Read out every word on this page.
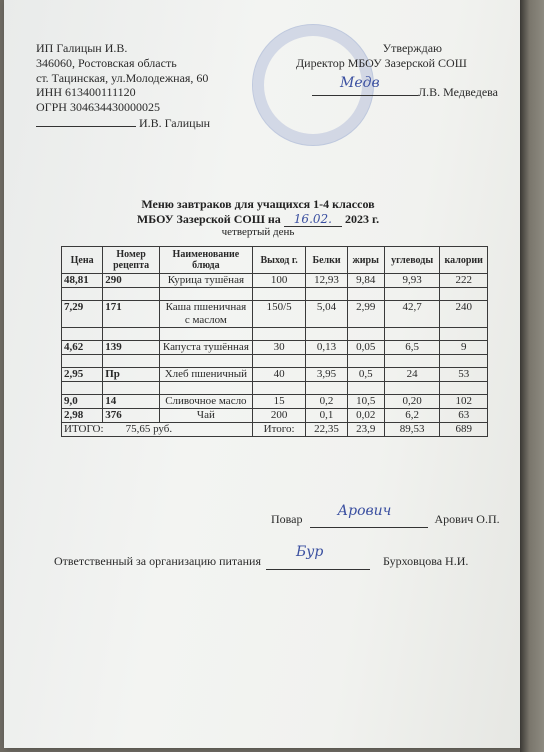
ИП Галицын И.В.
346060, Ростовская область
ст. Тацинская, ул.Молодежная, 60
ИНН 613400111120
ОГРН 304634430000025
И.В. Галицын
Утверждаю
Директор МБОУ Зазерской СОШ
Медв
Л.В. Медведева
Меню завтраков для учащихся 1-4 классов
МБОУ Зазерской СОШ на 16.02. 2023 г.
четвертый день
Цена	Номер рецепта	Наименование блюда	Выход г.	Белки	жиры	углеводы	калории
48,81	290	Курица тушёная	100	12,93	9,84	9,93	222

7,29	171	Каша пшеничная с маслом	150/5	5,04	2,99	42,7	240

4,62	139	Капуста тушённая	30	0,13	0,05	6,5	9

2,95	Пр	Хлеб пшеничный	40	3,95	0,5	24	53

9,0	14	Сливочное масло	15	0,2	10,5	0,20	102
2,98	376	Чай	200	0,1	0,02	6,2	63
ИТОГО: 75,65 руб.			Итого:	22,35	23,9	89,53	689
Повар	Арович	Арович О.П.
Ответственный за организацию питания
Бур
Бурховцова Н.И.
